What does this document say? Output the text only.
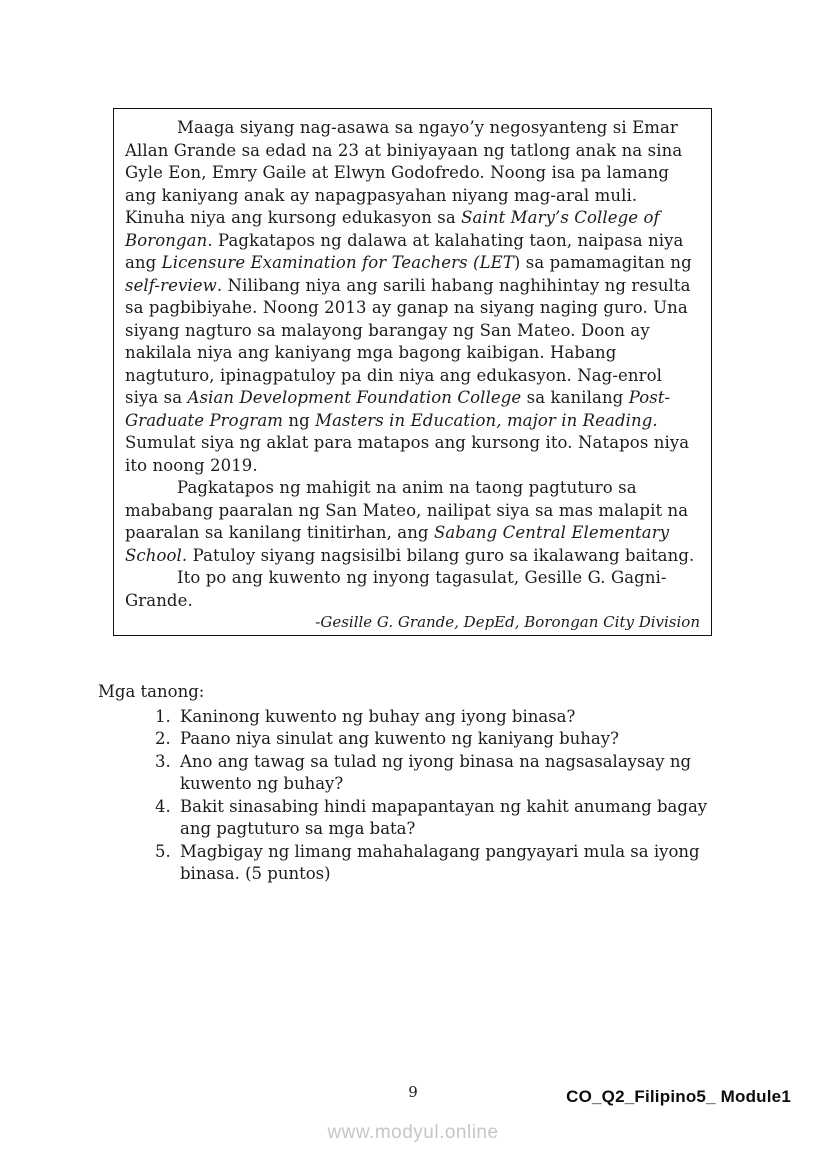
Maaga siyang nag-asawa sa ngayo’y negosyanteng si Emar Allan Grande sa edad na 23 at biniyayaan ng tatlong anak na sina Gyle Eon, Emry Gaile at Elwyn Godofredo. Noong isa pa lamang ang kaniyang anak ay napagpasyahan niyang mag-aral muli. Kinuha niya ang kursong edukasyon sa Saint Mary’s College of Borongan. Pagkatapos ng dalawa at kalahating taon, naipasa niya ang Licensure Examination for Teachers (LET) sa pamamagitan ng self-review. Nilibang niya ang sarili habang naghihintay ng resulta sa pagbibiyahe. Noong 2013 ay ganap na siyang naging guro. Una siyang nagturo sa malayong barangay ng San Mateo. Doon ay nakilala niya ang kaniyang mga bagong kaibigan. Habang nagtuturo, ipinagpatuloy pa din niya ang edukasyon. Nag-enrol siya sa Asian Development Foundation College sa kanilang Post-Graduate Program ng Masters in Education, major in Reading. Sumulat siya ng aklat para matapos ang kursong ito. Natapos niya ito noong 2019.

Pagkatapos ng mahigit na anim na taong pagtuturo sa mababang paaralan ng San Mateo, nailipat siya sa mas malapit na paaralan sa kanilang tinitirhan, ang Sabang Central Elementary School. Patuloy siyang nagsisilbi bilang guro sa ikalawang baitang.

Ito po ang kuwento ng inyong tagasulat, Gesille G. Gagni-Grande.

-Gesille G. Grande, DepEd, Borongan City Division

Mga tanong:

1. Kaninong kuwento ng buhay ang iyong binasa?
2. Paano niya sinulat ang kuwento ng kaniyang buhay?
3. Ano ang tawag sa tulad ng iyong binasa na nagsasalaysay ng kuwento ng buhay?
4. Bakit sinasabing hindi mapapantayan ng kahit anumang bagay ang pagtuturo sa mga bata?
5. Magbigay ng limang mahahalagang pangyayari mula sa iyong binasa. (5 puntos)
9	CO_Q2_Filipino5_ Module1
www.modyul.online
